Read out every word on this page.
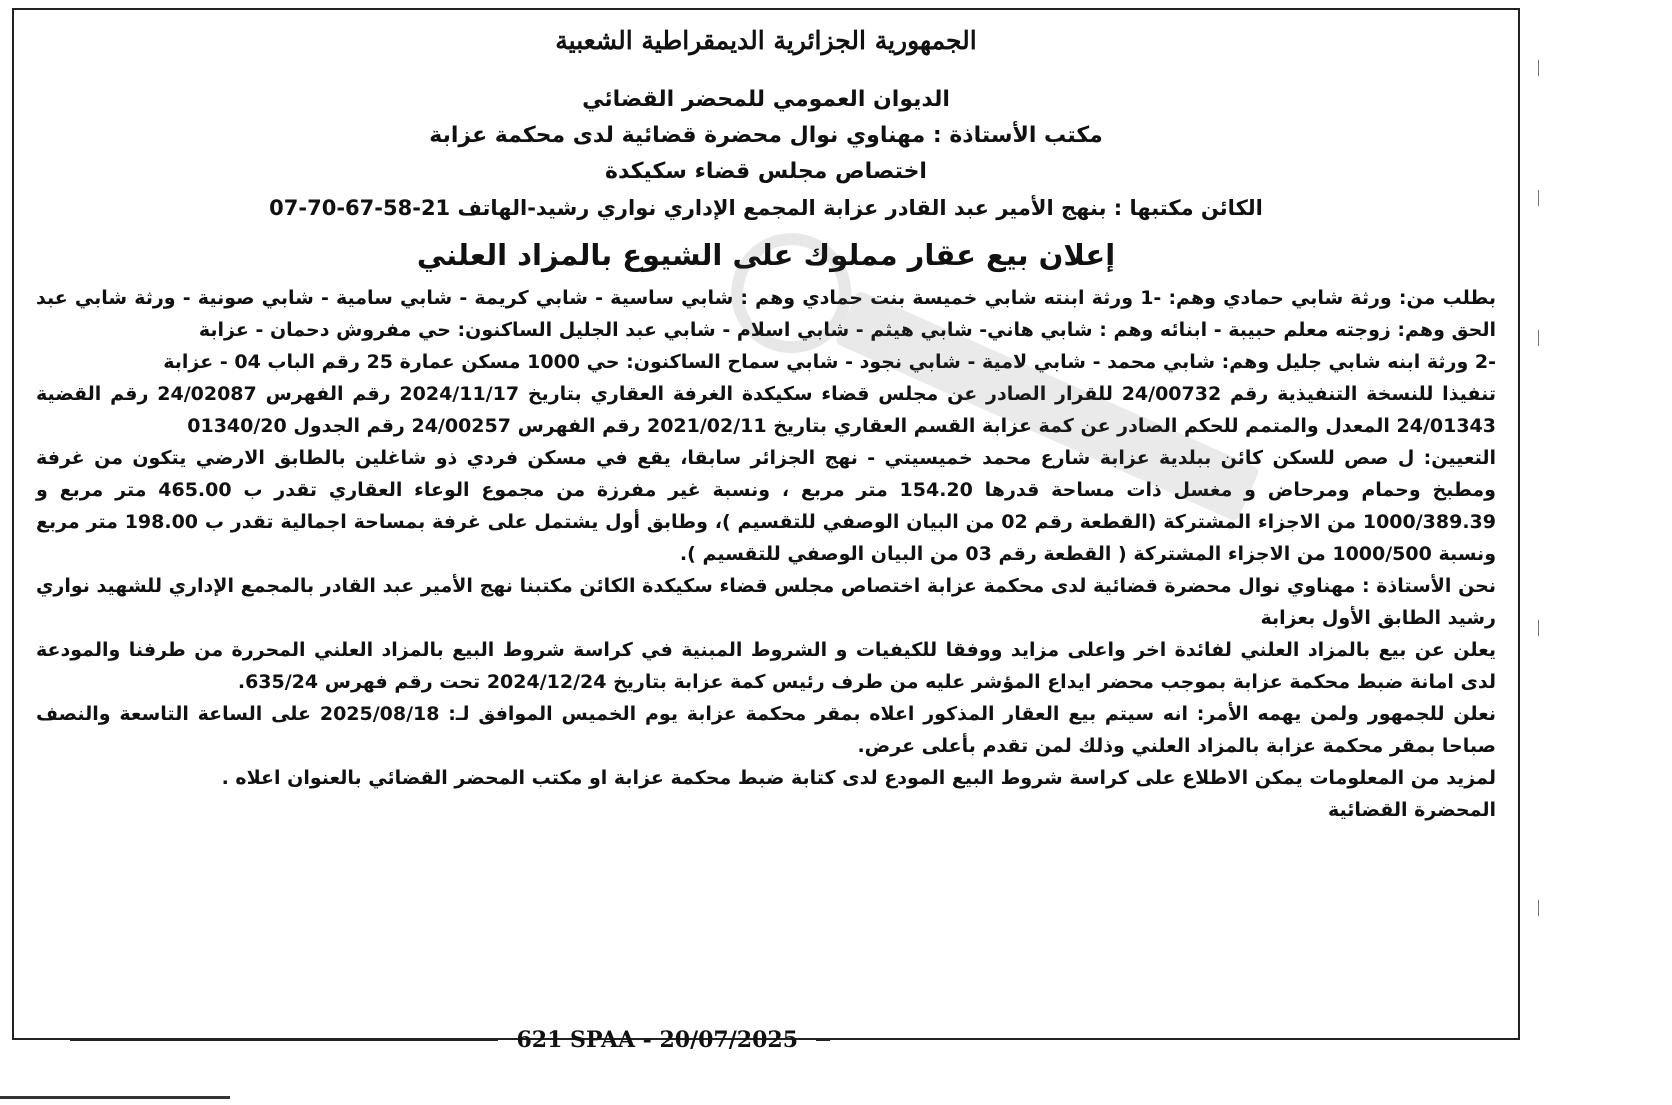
الجمهورية الجزائرية الديمقراطية الشعبية

الديوان العمومي للمحضر القضائي

مكتب الأستاذة : مهناوي نوال محضرة قضائية لدى محكمة عزابة

اختصاص مجلس قضاء سكيكدة

الكائن مكتبها : بنهج الأمير عبد القادر عزابة المجمع الإداري نواري رشيد-الهاتف 21-58-67-70-07

إعلان بيع عقار مملوك على الشيوع بالمزاد العلني

بطلب من: ورثة شابي حمادي وهم: -1 ورثة ابنته شابي خميسة بنت حمادي وهم : شابي ساسية - شابي كريمة - شابي سامية - شابي صونية - ورثة شابي عبد الحق وهم: زوجته معلم حبيبة - ابنائه وهم : شابي هاني- شابي هيثم - شابي اسلام - شابي عبد الجليل الساكنون: حي مفروش دحمان - عزابة

-2 ورثة ابنه شابي جليل وهم: شابي محمد - شابي لامية - شابي نجود - شابي سماح الساكنون: حي 1000 مسكن عمارة 25 رقم الباب 04 - عزابة

تنفيذا للنسخة التنفيذية رقم 24/00732 للقرار الصادر عن مجلس قضاء سكيكدة الغرفة العقاري بتاريخ 2024/11/17 رقم الفهرس 24/02087 رقم القضية 24/01343 المعدل والمتمم للحكم الصادر عن كمة عزابة القسم العقاري بتاريخ 2021/02/11 رقم الفهرس 24/00257 رقم الجدول 01340/20

التعيين: ل صص للسكن كائن ببلدية عزابة شارع محمد خميسيتي - نهج الجزائر سابقا، يقع في مسكن فردي ذو شاغلين بالطابق الارضي يتكون من غرفة ومطبخ وحمام ومرحاض و مغسل ذات مساحة قدرها 154.20 متر مربع ، ونسبة غير مفرزة من مجموع الوعاء العقاري تقدر ب 465.00 متر مربع و 1000/389.39 من الاجزاء المشتركة (القطعة رقم 02 من البيان الوصفي للتقسيم )، وطابق أول يشتمل على غرفة بمساحة اجمالية تقدر ب 198.00 متر مربع ونسبة 1000/500 من الاجزاء المشتركة ( القطعة رقم 03 من البيان الوصفي للتقسيم ).

نحن الأستاذة : مهناوي نوال محضرة قضائية لدى محكمة عزابة اختصاص مجلس قضاء سكيكدة الكائن مكتبنا نهج الأمير عبد القادر بالمجمع الإداري للشهيد نواري رشيد الطابق الأول بعزابة

يعلن عن بيع بالمزاد العلني لفائدة اخر واعلى مزايد ووفقا للكيفيات و الشروط المبنية في كراسة شروط البيع بالمزاد العلني المحررة من طرفنا والمودعة لدى امانة ضبط محكمة عزابة بموجب محضر ايداع المؤشر عليه من طرف رئيس كمة عزابة بتاريخ 2024/12/24 تحت رقم فهرس 635/24.

نعلن للجمهور ولمن يهمه الأمر: انه سيتم بيع العقار المذكور اعلاه بمقر محكمة عزابة يوم الخميس الموافق لـ: 2025/08/18 على الساعة التاسعة والنصف صباحا بمقر محكمة عزابة بالمزاد العلني وذلك لمن تقدم بأعلى عرض.

لمزيد من المعلومات يمكن الاطلاع على كراسة شروط البيع المودع لدى كتابة ضبط محكمة عزابة او مكتب المحضر القضائي بالعنوان اعلاه .

المحضرة القضائية

621 SPAA - 20/07/2025
